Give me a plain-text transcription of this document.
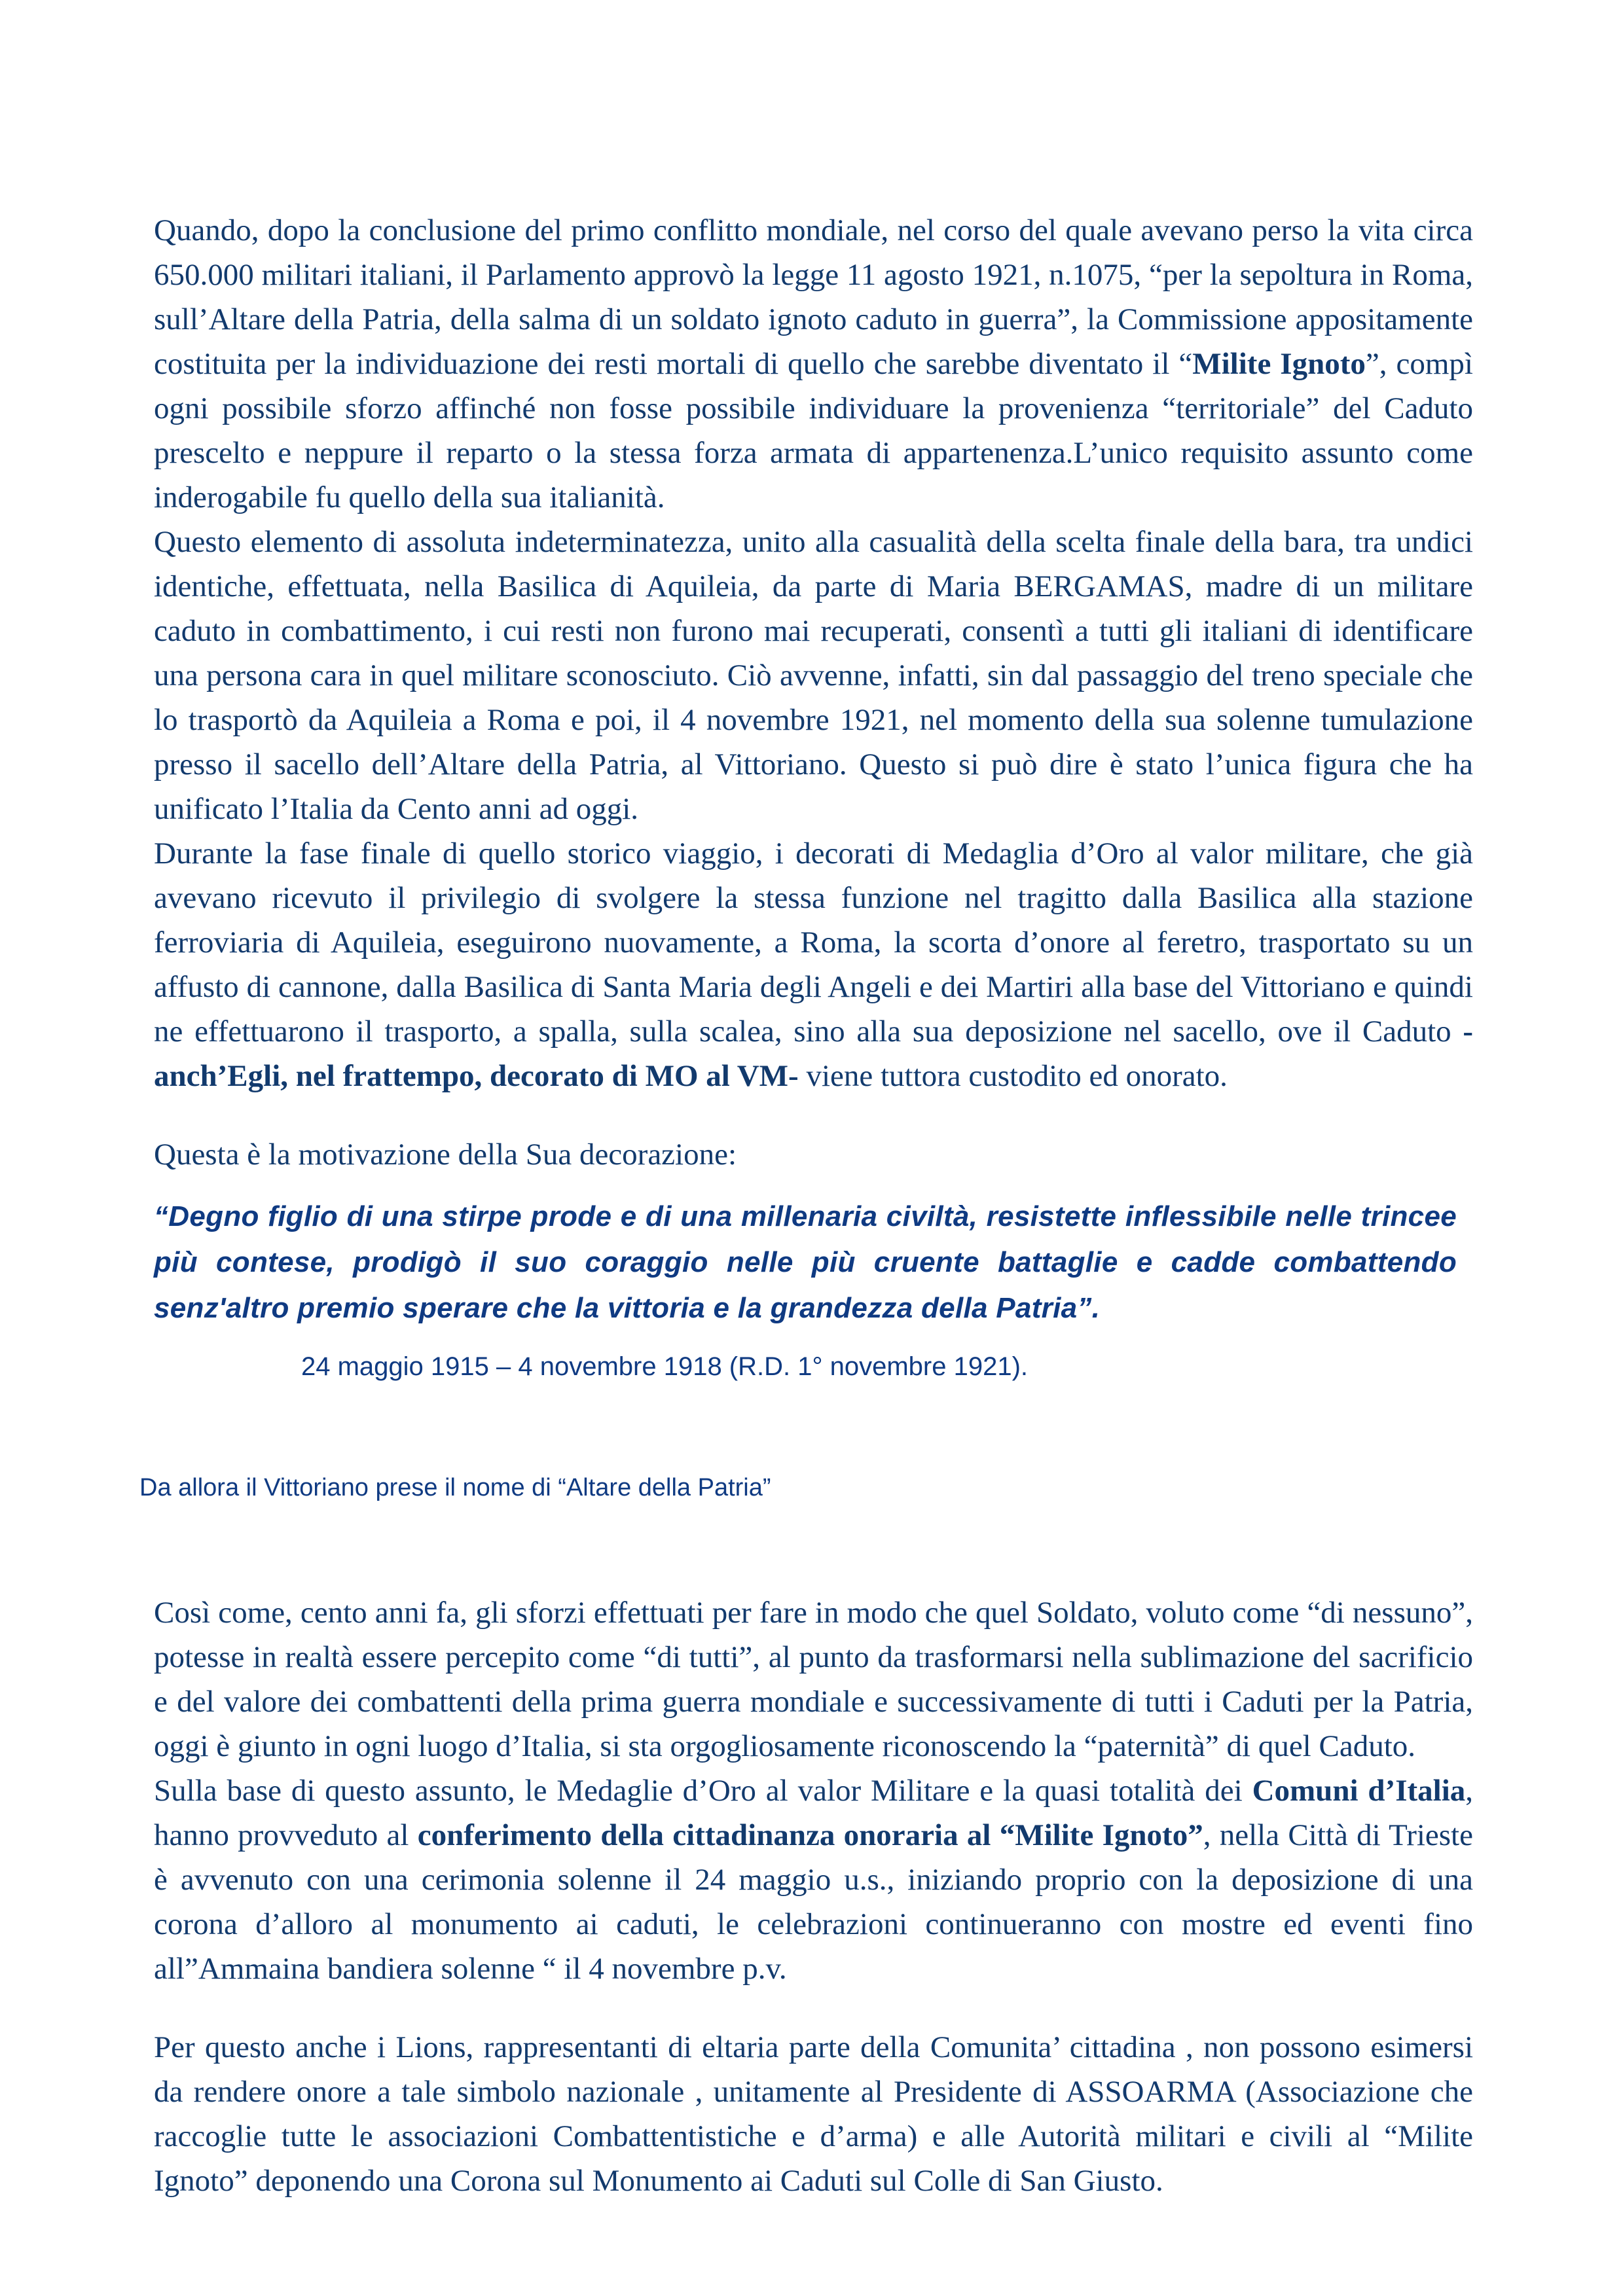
Quando, dopo la conclusione del primo conflitto mondiale, nel corso del quale avevano perso la vita circa 650.000 militari italiani, il Parlamento approvò la legge 11 agosto 1921, n.1075, “per la sepoltura in Roma, sull’Altare della Patria, della salma di un soldato ignoto caduto in guerra”, la Commissione appositamente costituita per la individuazione dei resti mortali di quello che sarebbe diventato il “Milite Ignoto”, compì ogni possibile sforzo affinché non fosse possibile individuare la provenienza “territoriale” del Caduto prescelto e neppure il reparto o la stessa forza armata di appartenenza.L’unico requisito assunto come inderogabile fu quello della sua italianità.

Questo elemento di assoluta indeterminatezza, unito alla casualità della scelta finale della bara, tra undici identiche, effettuata, nella Basilica di Aquileia, da parte di Maria BERGAMAS, madre di un militare caduto in combattimento, i cui resti non furono mai recuperati, consentì a tutti gli italiani di identificare una persona cara in quel militare sconosciuto. Ciò avvenne, infatti, sin dal passaggio del treno speciale che lo trasportò da Aquileia a Roma e poi, il 4 novembre 1921, nel momento della sua solenne tumulazione presso il sacello dell’Altare della Patria, al Vittoriano. Questo si può dire è stato l’unica figura che ha unificato l’Italia da Cento anni ad oggi.

Durante la fase finale di quello storico viaggio, i decorati di Medaglia d’Oro al valor militare, che già avevano ricevuto il privilegio di svolgere la stessa funzione nel tragitto dalla Basilica alla stazione ferroviaria di Aquileia, eseguirono nuovamente, a Roma, la scorta d’onore al feretro, trasportato su un affusto di cannone, dalla Basilica di Santa Maria degli Angeli e dei Martiri alla base del Vittoriano e quindi ne effettuarono il trasporto, a spalla, sulla scalea, sino alla sua deposizione nel sacello, ove il Caduto -anch’Egli, nel frattempo, decorato di MO al VM- viene tuttora custodito ed onorato.

Questa è la motivazione della Sua decorazione:

“Degno figlio di una stirpe prode e di una millenaria civiltà, resistette inflessibile nelle trincee più contese, prodigò il suo coraggio nelle più cruente battaglie e cadde combattendo senz'altro premio sperare che la vittoria e la grandezza della Patria”.

24 maggio 1915 – 4 novembre 1918 (R.D. 1° novembre 1921).

Da allora il Vittoriano prese il nome di “Altare della Patria”

Così come, cento anni fa, gli sforzi effettuati per fare in modo che quel Soldato, voluto come “di nessuno”, potesse in realtà essere percepito come “di tutti”, al punto da trasformarsi nella sublimazione del sacrificio e del valore dei combattenti della prima guerra mondiale e successivamente di tutti i Caduti per la Patria, oggi è giunto in ogni luogo d’Italia, si sta orgogliosamente riconoscendo la “paternità” di quel Caduto.

Sulla base di questo assunto, le Medaglie d’Oro al valor Militare e la quasi totalità dei Comuni d’Italia, hanno provveduto al conferimento della cittadinanza onoraria al “Milite Ignoto”, nella Città di Trieste è avvenuto con una cerimonia solenne il 24 maggio u.s., iniziando proprio con la deposizione di una corona d’alloro al monumento ai caduti, le celebrazioni continueranno con mostre ed eventi fino all”Ammaina bandiera solenne “ il 4 novembre p.v.

Per questo anche i Lions, rappresentanti di eltaria parte della Comunita’ cittadina , non possono esimersi da rendere onore a tale simbolo nazionale , unitamente al Presidente di ASSOARMA (Associazione che raccoglie tutte le associazioni Combattentistiche e d’arma) e alle Autorità militari e civili al “Milite Ignoto” deponendo una Corona sul Monumento ai Caduti sul Colle di San Giusto.
